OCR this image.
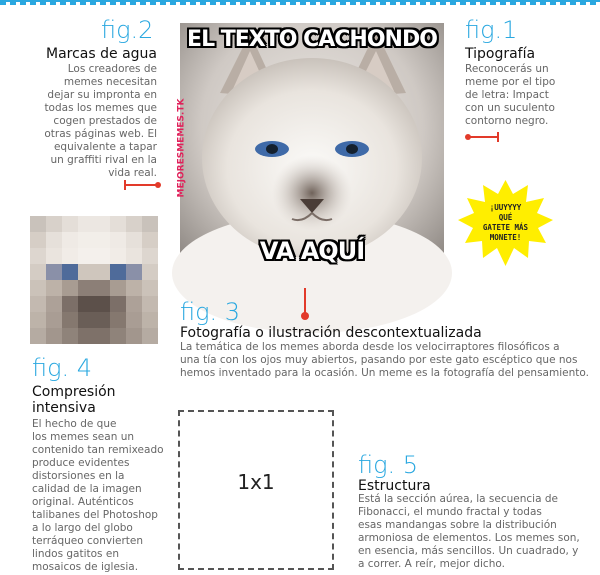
EL TEXTO CACHONDO
VA AQUÍ
MEJORESMEMES.TK
fig.2
Marcas de agua
Los creadores de
memes necesitan
dejar su impronta en
todas los memes que
cogen prestados de
otras páginas web. El
equivalente a tapar
un graffiti rival en la
vida real.
fig.1
Tipografía
Reconocerás un
meme por el tipo
de letra: Impact
con un suculento
contorno negro.
¡UUYYYY
QUÉ
GATETE MÁS
MONETE!
fig. 3
Fotografía o ilustración descontextualizada
La temática de los memes aborda desde los velocirraptores filosóficos a
una tía con los ojos muy abiertos, pasando por este gato escéptico que nos
hemos inventado para la ocasión. Un meme es la fotografía del pensamiento.
fig. 4
Compresión
intensiva
El hecho de que
los memes sean un
contenido tan remixeado
produce evidentes
distorsiones en la
calidad de la imagen
original. Auténticos
talibanes del Photoshop
a lo largo del globo
terráqueo convierten
lindos gatitos en
mosaicos de iglesia.
1x1
fig. 5
Estructura
Está la sección aúrea, la secuencia de
Fibonacci, el mundo fractal y todas
esas mandangas sobre la distribución
armoniosa de elementos. Los memes son,
en esencia, más sencillos. Un cuadrado, y
a correr. A reír, mejor dicho.
